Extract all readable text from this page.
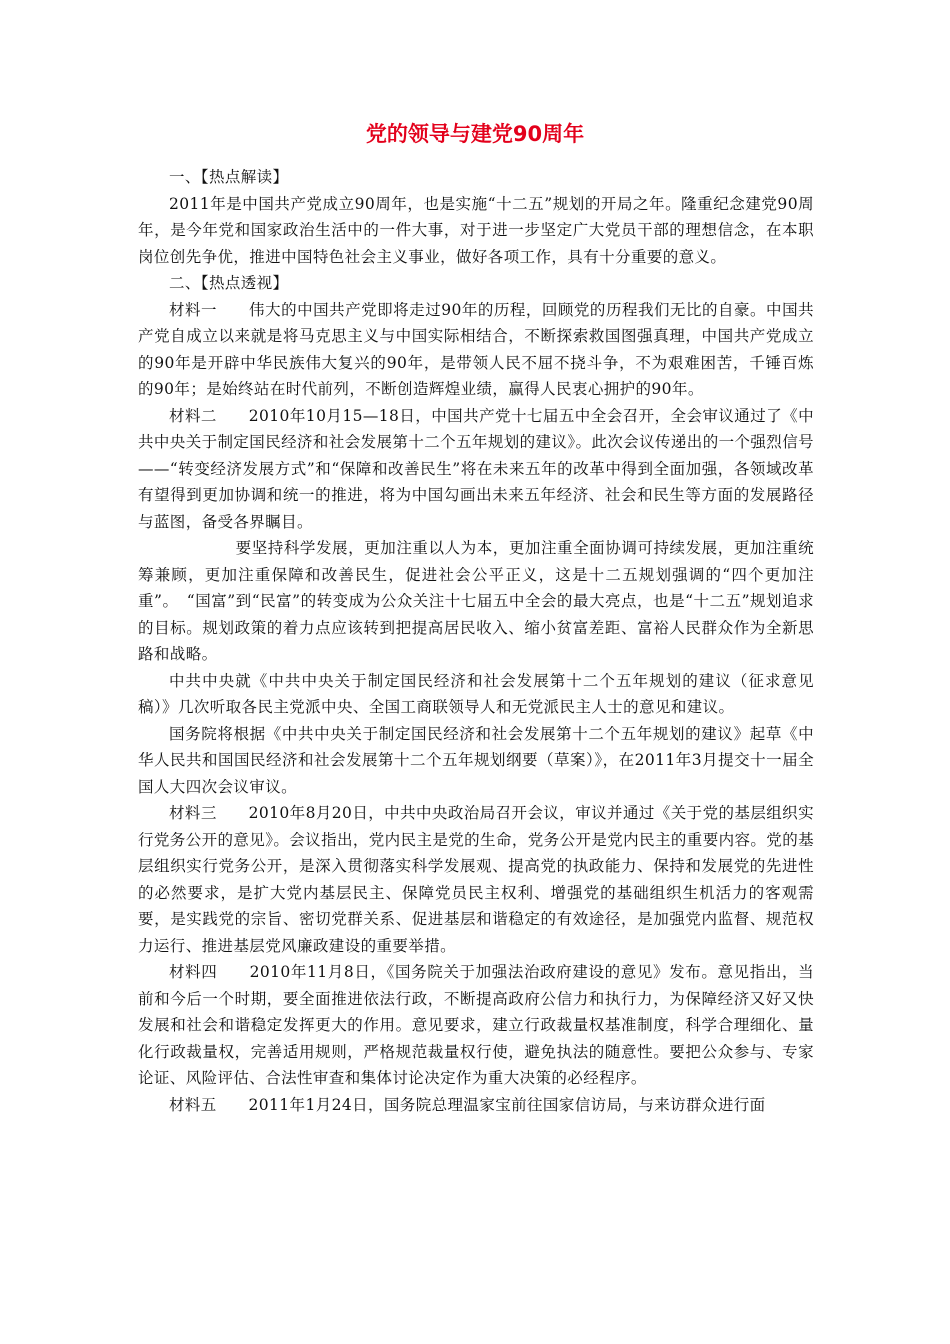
党的领导与建党90周年

一、【热点解读】

2011年是中国共产党成立90周年，也是实施“十二五”规划的开局之年。隆重纪念建党90周年，是今年党和国家政治生活中的一件大事，对于进一步坚定广大党员干部的理想信念，在本职岗位创先争优，推进中国特色社会主义事业，做好各项工作，具有十分重要的意义。

二、【热点透视】

材料一　　伟大的中国共产党即将走过90年的历程，回顾党的历程我们无比的自豪。中国共产党自成立以来就是将马克思主义与中国实际相结合，不断探索救国图强真理，中国共产党成立的90年是开辟中华民族伟大复兴的90年，是带领人民不屈不挠斗争，不为艰难困苦，千锤百炼的90年；是始终站在时代前列，不断创造辉煌业绩，赢得人民衷心拥护的90年。

材料二　　2010年10月15—18日，中国共产党十七届五中全会召开，全会审议通过了《中共中央关于制定国民经济和社会发展第十二个五年规划的建议》。此次会议传递出的一个强烈信号——“转变经济发展方式”和“保障和改善民生”将在未来五年的改革中得到全面加强，各领域改革有望得到更加协调和统一的推进，将为中国勾画出未来五年经济、社会和民生等方面的发展路径与蓝图，备受各界瞩目。

要坚持科学发展，更加注重以人为本，更加注重全面协调可持续发展，更加注重统筹兼顾，更加注重保障和改善民生，促进社会公平正义，这是十二五规划强调的“四个更加注重”。　“国富”到“民富”的转变成为公众关注十七届五中全会的最大亮点，也是“十二五”规划追求的目标。规划政策的着力点应该转到把提高居民收入、缩小贫富差距、富裕人民群众作为全新思路和战略。

中共中央就《中共中央关于制定国民经济和社会发展第十二个五年规划的建议（征求意见稿）》几次听取各民主党派中央、全国工商联领导人和无党派民主人士的意见和建议。

国务院将根据《中共中央关于制定国民经济和社会发展第十二个五年规划的建议》起草《中华人民共和国国民经济和社会发展第十二个五年规划纲要（草案）》，在2011年3月提交十一届全国人大四次会议审议。

材料三　　2010年8月20日，中共中央政治局召开会议，审议并通过《关于党的基层组织实行党务公开的意见》。会议指出，党内民主是党的生命，党务公开是党内民主的重要内容。党的基层组织实行党务公开，是深入贯彻落实科学发展观、提高党的执政能力、保持和发展党的先进性的必然要求，是扩大党内基层民主、保障党员民主权利、增强党的基础组织生机活力的客观需要，是实践党的宗旨、密切党群关系、促进基层和谐稳定的有效途径，是加强党内监督、规范权力运行、推进基层党风廉政建设的重要举措。

材料四　　2010年11月8日，《国务院关于加强法治政府建设的意见》发布。意见指出，当前和今后一个时期，要全面推进依法行政，不断提高政府公信力和执行力，为保障经济又好又快发展和社会和谐稳定发挥更大的作用。意见要求，建立行政裁量权基准制度，科学合理细化、量化行政裁量权，完善适用规则，严格规范裁量权行使，避免执法的随意性。要把公众参与、专家论证、风险评估、合法性审查和集体讨论决定作为重大决策的必经程序。

材料五　　2011年1月24日，国务院总理温家宝前往国家信访局，与来访群众进行面
